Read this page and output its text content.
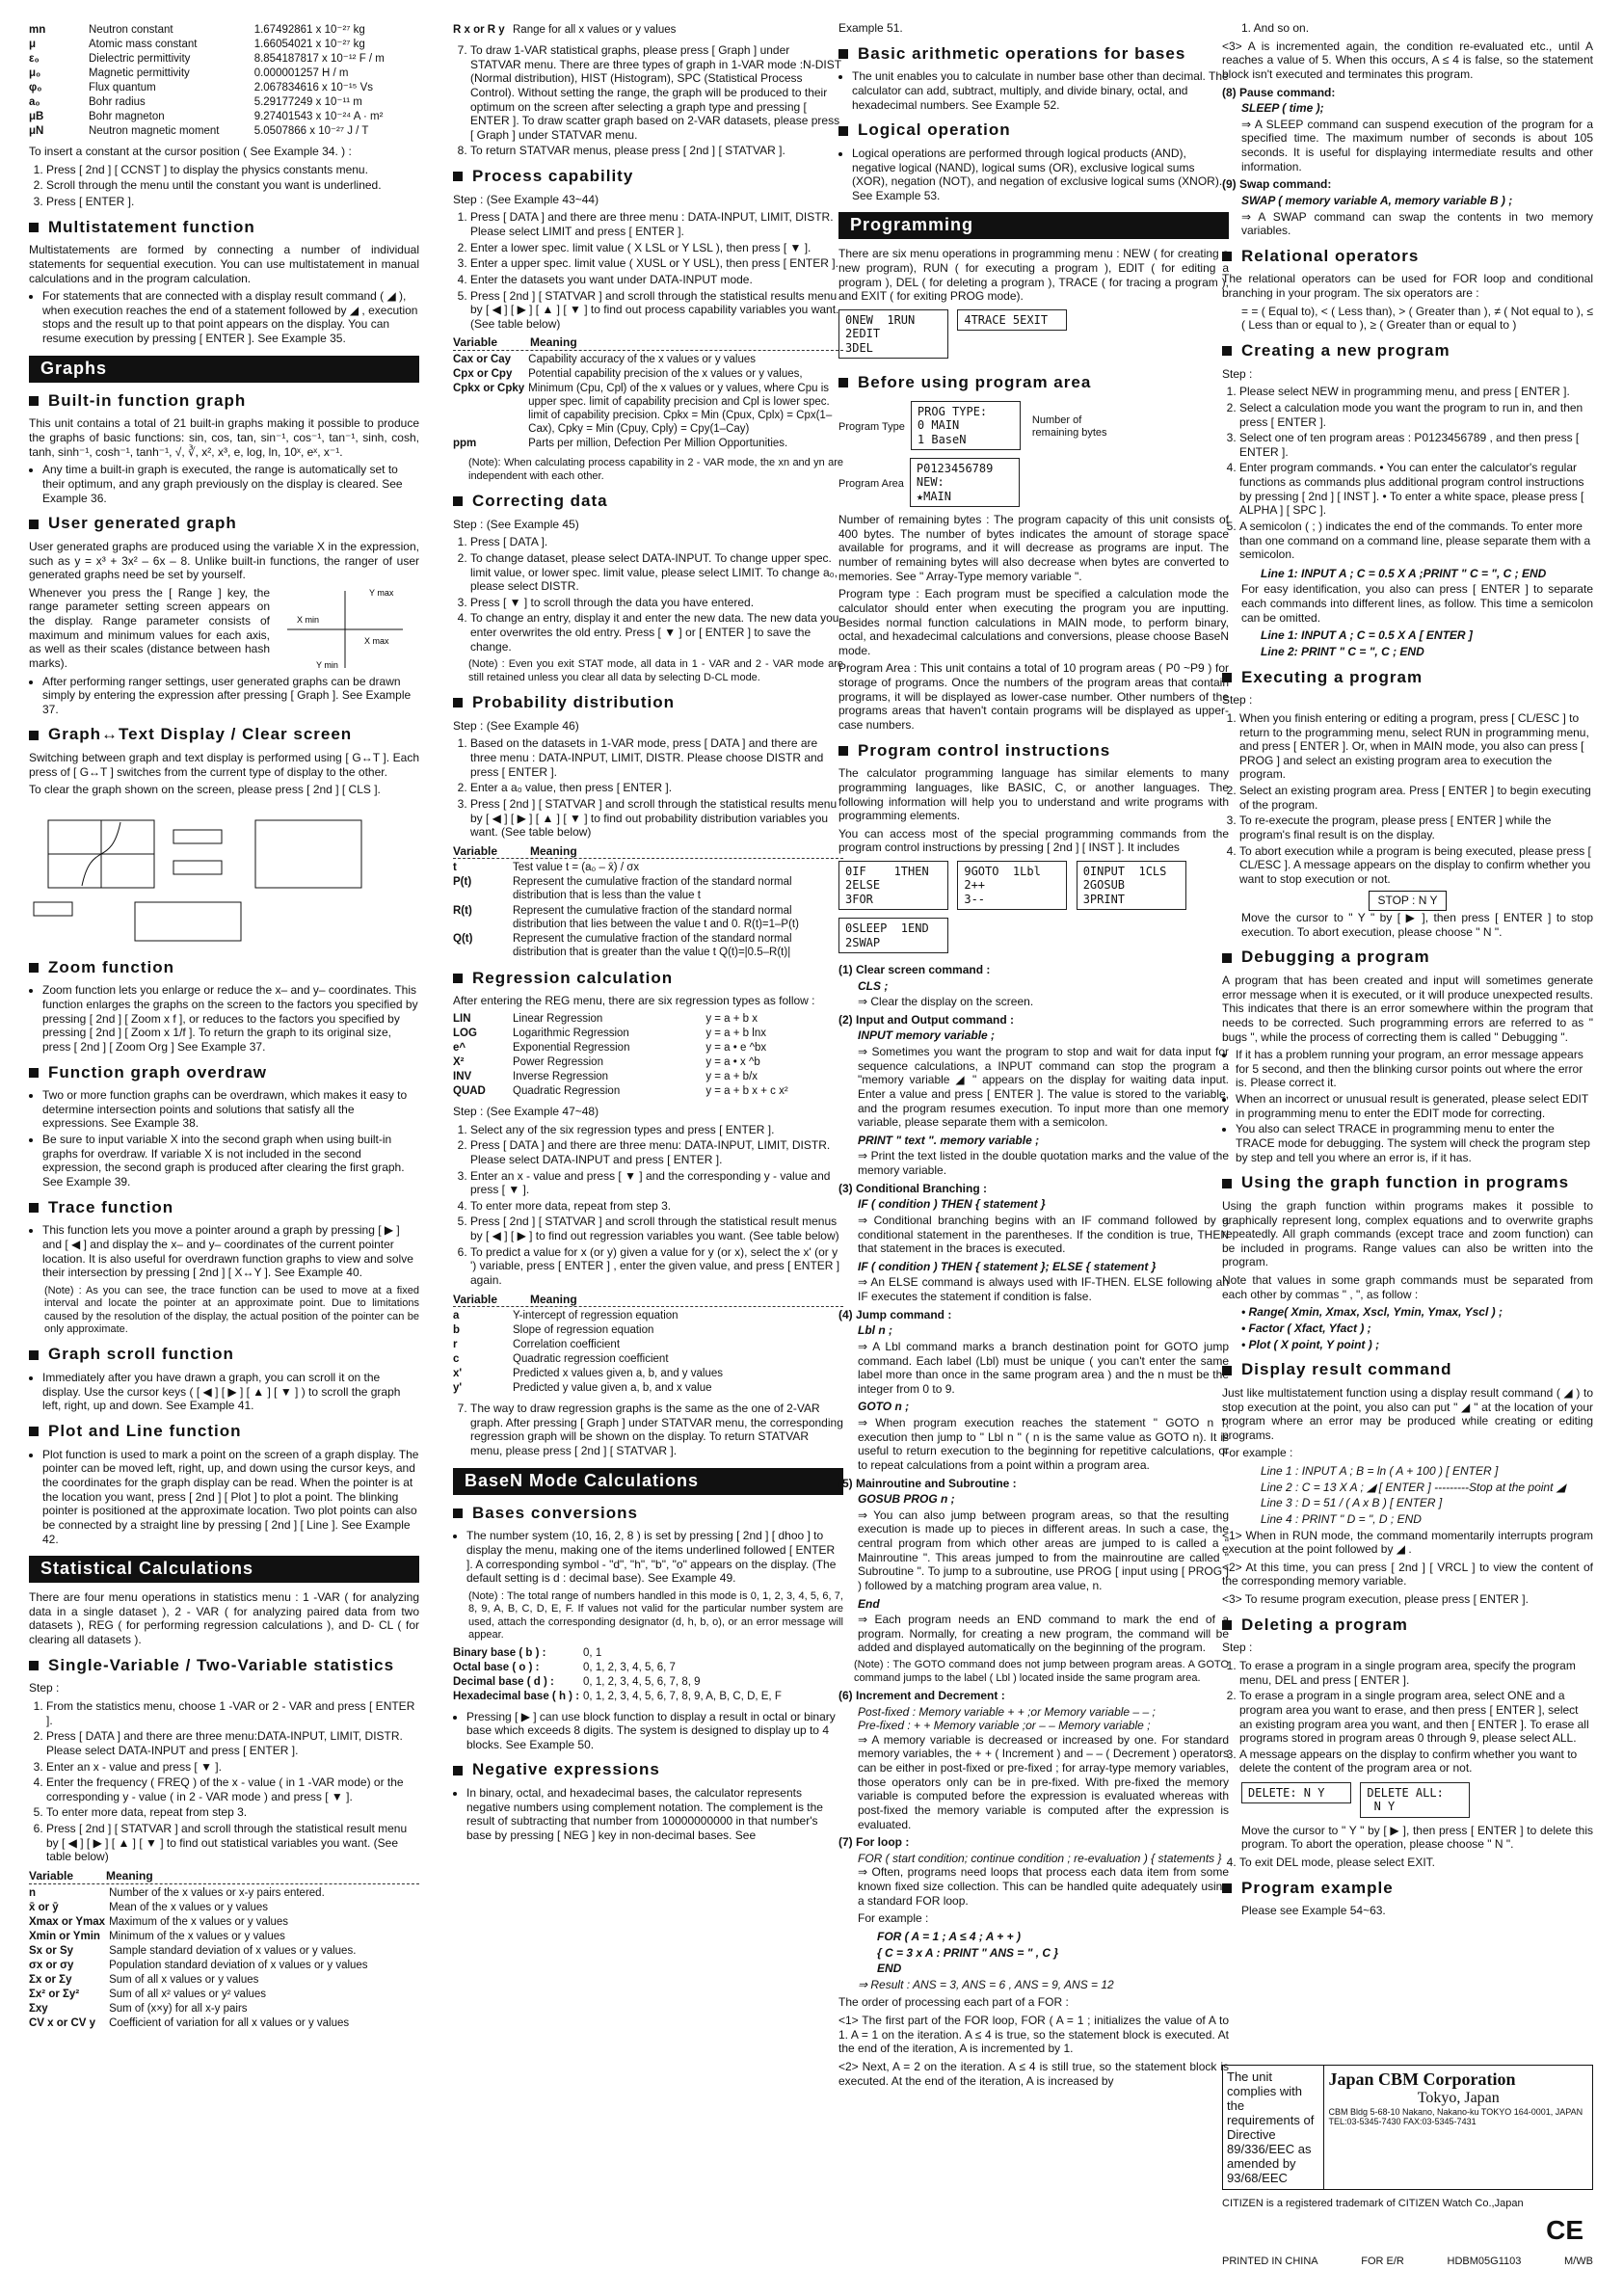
mn	Neutron constant	1.67492861 x 10⁻²⁷ kg
μ	Atomic mass constant	1.66054021 x 10⁻²⁷ kg
ε₀	Dielectric permittivity	8.854187817 x 10⁻¹² F / m
μ₀	Magnetic permittivity	0.000001257 H / m
φ₀	Flux quantum	2.067834616 x 10⁻¹⁵ Vs
a₀	Bohr radius	5.29177249 x 10⁻¹¹ m
μB	Bohr magneton	9.27401543 x 10⁻²⁴ A · m²
μN	Neutron magnetic moment	5.0507866 x 10⁻²⁷ J / T

To insert a constant at the cursor position ( See Example 34. ) :

1. Press [ 2nd ] [ CCNST ] to display the physics constants menu.
2. Scroll through the menu until the constant you want is underlined.
3. Press [ ENTER ].
Multistatement function

Multistatements are formed by connecting a number of individual statements for sequential execution. You can use multistatement in manual calculations and in the program calculation.

• For statements that are connected with a display result command ( ◢ ), when execution reaches the end of a statement followed by ◢ , execution stops and the result up to that point appears on the display. You can resume execution by pressing [ ENTER ]. See Example 35.
Graphs
Built-in function graph

This unit contains a total of 21 built-in graphs making it possible to produce the graphs of basic functions: sin, cos, tan, sin⁻¹, cos⁻¹, tan⁻¹, sinh, cosh, tanh, sinh⁻¹, cosh⁻¹, tanh⁻¹, √, ∛, x², x³, e, log, ln, 10ˣ, eˣ, x⁻¹.

• Any time a built-in graph is executed, the range is automatically set to their optimum, and any graph previously on the display is cleared. See Example 36.
User generated graph

User generated graphs are produced using the variable X in the expression, such as y = x³ + 3x² – 6x – 8. Unlike built-in functions, the ranger of user generated graphs need be set by yourself.

Whenever you press the [ Range ] key, the range parameter setting screen appears on the display. Range parameter consists of maximum and minimum values for each axis, as well as their scales (distance between hash marks).

Y max
X min
X max
Y min
• After performing ranger settings, user generated graphs can be drawn simply by entering the expression after pressing [ Graph ]. See Example 37.
Graph↔Text Display / Clear screen

Switching between graph and text display is performed using [ G↔T ]. Each press of [ G↔T ] switches from the current type of display to the other.

To clear the graph shown on the screen, please press [ 2nd ] [ CLS ].

Zoom function
• Zoom function lets you enlarge or reduce the x– and y– coordinates. This function enlarges the graphs on the screen to the factors you specified by pressing [ 2nd ] [ Zoom x f ], or reduces to the factors you specified by pressing [ 2nd ] [ Zoom x 1/f ]. To return the graph to its original size, press [ 2nd ] [ Zoom Org ] See Example 37.
Function graph overdraw
• Two or more function graphs can be overdrawn, which makes it easy to determine intersection points and solutions that satisfy all the expressions. See Example 38.
• Be sure to input variable X into the second graph when using built-in graphs for overdraw. If variable X is not included in the second expression, the second graph is produced after clearing the first graph. See Example 39.
Trace function
• This function lets you move a pointer around a graph by pressing [ ▶ ] and [ ◀ ] and display the x– and y– coordinates of the current pointer location. It is also useful for overdrawn function graphs to view and solve their intersection by pressing [ 2nd ] [ X↔Y ]. See Example 40.

(Note) : As you can see, the trace function can be used to move at a fixed interval and locate the pointer at an approximate point. Due to limitations caused by the resolution of the display, the actual position of the pointer can be only approximate.

Graph scroll function
• Immediately after you have drawn a graph, you can scroll it on the display. Use the cursor keys ( [ ◀ ] [ ▶ ] [ ▲ ] [ ▼ ] ) to scroll the graph left, right, up and down. See Example 41.
Plot and Line function
• Plot function is used to mark a point on the screen of a graph display. The pointer can be moved left, right, up, and down using the cursor keys, and the coordinates for the graph display can be read. When the pointer is at the location you want, press [ 2nd ] [ Plot ] to plot a point. The blinking pointer is positioned at the approximate location. Two plot points can also be connected by a straight line by pressing [ 2nd ] [ Line ]. See Example 42.
Statistical Calculations

There are four menu operations in statistics menu : 1 -VAR ( for analyzing data in a single dataset ), 2 - VAR ( for analyzing paired data from two datasets ), REG ( for performing regression calculations ), and D- CL ( for clearing all datasets ).

Single-Variable / Two-Variable statistics

Step :

1. From the statistics menu, choose 1 -VAR or 2 - VAR and press [ ENTER ].
2. Press [ DATA ] and there are three menu:DATA-INPUT, LIMIT, DISTR. Please select DATA-INPUT and press [ ENTER ].
3. Enter an x - value and press [ ▼ ].
4. Enter the frequency ( FREQ ) of the x - value ( in 1 -VAR mode) or the corresponding y - value ( in 2 - VAR mode ) and press [ ▼ ].
5. To enter more data, repeat from step 3.
6. Press [ 2nd ] [ STATVAR ] and scroll through the statistical result menu by [ ◀ ] [ ▶ ] [ ▲ ] [ ▼ ] to find out statistical variables you want. (See table below)
Variable	Meaning
n	Number of the x values or x-y pairs entered.
x̄ or ȳ	Mean of the x values or y values
Xmax or Ymax	Maximum of the x values or y values
Xmin or Ymin	Minimum of the x values or y values
Sx or Sy	Sample standard deviation of x values or y values.
σx or σy	Population standard deviation of x values or y values
Σx or Σy	Sum of all x values or y values
Σx² or Σy²	Sum of all x² values or y² values
Σxy	Sum of (x×y) for all x-y pairs
CV x or CV y	Coefficient of variation for all x values or y values
R x or R y	Range for all x values or y values
7. To draw 1-VAR statistical graphs, please press [ Graph ] under STATVAR menu. There are three types of graph in 1-VAR mode :N-DIST (Normal distribution), HIST (Histogram), SPC (Statistical Process Control). Without setting the range, the graph will be produced to their optimum on the screen after selecting a graph type and pressing [ ENTER ]. To draw scatter graph based on 2-VAR datasets, please press [ Graph ] under STATVAR menu.
8. To return STATVAR menus, please press [ 2nd ] [ STATVAR ].
Process capability

Step : (See Example 43~44)

1. Press [ DATA ] and there are three menu : DATA-INPUT, LIMIT, DISTR. Please select LIMIT and press [ ENTER ].
2. Enter a lower spec. limit value ( X LSL or Y LSL ), then press [ ▼ ].
3. Enter a upper spec. limit value ( XUSL or Y USL), then press [ ENTER ].
4. Enter the datasets you want under DATA-INPUT mode.
5. Press [ 2nd ] [ STATVAR ] and scroll through the statistical results menu by [ ◀ ] [ ▶ ] [ ▲ ] [ ▼ ] to find out process capability variables you want. (See table below)
Variable	Meaning
Cax or Cay	Capability accuracy of the x values or y values
Cpx or Cpy	Potential capability precision of the x values or y values,
Cpkx or Cpky	Minimum (Cpu, Cpl) of the x values or y values, where Cpu is upper spec. limit of capability precision and Cpl is lower spec. limit of capability precision. Cpkx = Min (Cpux, Cplx) = Cpx(1–Cax), Cpky = Min (Cpuy, Cply) = Cpy(1–Cay)
ppm	Parts per million, Defection Per Million Opportunities.

(Note): When calculating process capability in 2 - VAR mode, the xn and yn are independent with each other.

Correcting data

Step : (See Example 45)

1. Press [ DATA ].
2. To change dataset, please select DATA-INPUT. To change upper spec. limit value, or lower spec. limit value, please select LIMIT. To change a₀, please select DISTR.
3. Press [ ▼ ] to scroll through the data you have entered.
4. To change an entry, display it and enter the new data. The new data you enter overwrites the old entry. Press [ ▼ ] or [ ENTER ] to save the change.

(Note) : Even you exit STAT mode, all data in 1 - VAR and 2 - VAR mode are still retained unless you clear all data by selecting D-CL mode.

Probability distribution

Step : (See Example 46)

1. Based on the datasets in 1-VAR mode, press [ DATA ] and there are three menu : DATA-INPUT, LIMIT, DISTR. Please choose DISTR and press [ ENTER ].
2. Enter a a₀ value, then press [ ENTER ].
3. Press [ 2nd ] [ STATVAR ] and scroll through the statistical results menu by [ ◀ ] [ ▶ ] [ ▲ ] [ ▼ ] to find out probability distribution variables you want. (See table below)
Variable	Meaning
t	Test value t = (a₀ – x̄) / σx
P(t)	Represent the cumulative fraction of the standard normal distribution that is less than the value t
R(t)	Represent the cumulative fraction of the standard normal distribution that lies between the value t and 0. R(t)=1–P(t)
Q(t)	Represent the cumulative fraction of the standard normal distribution that is greater than the value t Q(t)=|0.5–R(t)|
Regression calculation

After entering the REG menu, there are six regression types as follow :

LIN	Linear Regression	y = a + b x
LOG	Logarithmic Regression	y = a + b lnx
e^	Exponential Regression	y = a • e ^bx
X²	Power Regression	y = a • x ^b
INV	Inverse Regression	y = a + b/x
QUAD	Quadratic Regression	y = a + b x + c x²

Step : (See Example 47~48)

1. Select any of the six regression types and press [ ENTER ].
2. Press [ DATA ] and there are three menu: DATA-INPUT, LIMIT, DISTR. Please select DATA-INPUT and press [ ENTER ].
3. Enter an x - value and press [ ▼ ] and the corresponding y - value and press [ ▼ ].
4. To enter more data, repeat from step 3.
5. Press [ 2nd ] [ STATVAR ] and scroll through the statistical result menus by [ ◀ ] [ ▶ ] to find out regression variables you want. (See table below)
6. To predict a value for x (or y) given a value for y (or x), select the x' (or y ') variable, press [ ENTER ] , enter the given value, and press [ ENTER ] again.
Variable	Meaning
a	Y-intercept of regression equation
b	Slope of regression equation
r	Correlation coefficient
c	Quadratic regression coefficient
x'	Predicted x values given a, b, and y values
y'	Predicted y value given a, b, and x value
7. The way to draw regression graphs is the same as the one of 2-VAR graph. After pressing [ Graph ] under STATVAR menu, the corresponding regression graph will be shown on the display. To return STATVAR menu, please press [ 2nd ] [ STATVAR ].
BaseN Mode Calculations
Bases conversions
• The number system (10, 16, 2, 8 ) is set by pressing [ 2nd ] [ dhoo ] to display the menu, making one of the items underlined followed [ ENTER ]. A corresponding symbol - "d", "h", "b", "o" appears on the display. (The default setting is d : decimal base). See Example 49.

(Note) : The total range of numbers handled in this mode is 0, 1, 2, 3, 4, 5, 6, 7, 8, 9, A, B, C, D, E, F. If values not valid for the particular number system are used, attach the corresponding designator (d, h, b, o), or an error message will appear.

Binary base ( b ) :	0, 1
Octal base ( o ) :	0, 1, 2, 3, 4, 5, 6, 7
Decimal base ( d ) :	0, 1, 2, 3, 4, 5, 6, 7, 8, 9
Hexadecimal base ( h ) :	0, 1, 2, 3, 4, 5, 6, 7, 8, 9, A, B, C, D, E, F
• Pressing [ ▶ ] can use block function to display a result in octal or binary base which exceeds 8 digits. The system is designed to display up to 4 blocks. See Example 50.
Negative expressions
• In binary, octal, and hexadecimal bases, the calculator represents negative numbers using complement notation. The complement is the result of subtracting that number from 10000000000 in that number's base by pressing [ NEG ] key in non-decimal bases. See

Example 51.

Basic arithmetic operations for bases
• The unit enables you to calculate in number base other than decimal. The calculator can add, subtract, multiply, and divide binary, octal, and hexadecimal numbers. See Example 52.
Logical operation
• Logical operations are performed through logical products (AND), negative logical (NAND), logical sums (OR), exclusive logical sums (XOR), negation (NOT), and negation of exclusive logical sums (XNOR). See Example 53.
Programming

There are six menu operations in programming menu : NEW ( for creating a new program), RUN ( for executing a program ), EDIT ( for editing a program ), DEL ( for deleting a program ), TRACE ( for tracing a program ), and EXIT ( for exiting PROG mode).

0NEW  1RUN
2EDIT
3DEL 4TRACE 5EXIT
Before using program area
Program Type
PROG TYPE:
0 MAIN
1 BaseN
Number of remaining bytes
Program Area
P0123456789
NEW:
★MAIN

Number of remaining bytes : The program capacity of this unit consists of 400 bytes. The number of bytes indicates the amount of storage space available for programs, and it will decrease as programs are input. The number of remaining bytes will also decrease when bytes are converted to memories. See " Array-Type memory variable ".

Program type : Each program must be specified a calculation mode the calculator should enter when executing the program you are inputting. Besides normal function calculations in MAIN mode, to perform binary, octal, and hexadecimal calculations and conversions, please choose BaseN mode.

Program Area : This unit contains a total of 10 program areas ( P0 ~P9 ) for storage of programs. Once the numbers of the program areas that contain programs, it will be displayed as lower-case number. Other numbers of the programs areas that haven't contain programs will be displayed as upper-case numbers.

Program control instructions

The calculator programming language has similar elements to many programming languages, like BASIC, C, or another languages. The following information will help you to understand and write programs with programming elements.

You can access most of the special programming commands from the program control instructions by pressing [ 2nd ] [ INST ]. It includes

0IF    1THEN
2ELSE
3FOR 9GOTO  1Lbl
2++
3-- 0INPUT  1CLS
2GOSUB
3PRINT 0SLEEP  1END
2SWAP
(1) Clear screen command :
CLS ;

⇒ Clear the display on the screen.

(2) Input and Output command :
INPUT memory variable ;

⇒ Sometimes you want the program to stop and wait for data input for sequence calculations, a INPUT command can stop the program a "memory variable ◢ " appears on the display for waiting data input. Enter a value and press [ ENTER ]. The value is stored to the variable, and the program resumes execution. To input more than one memory variable, please separate them with a semicolon.

PRINT " text ". memory variable ;

⇒ Print the text listed in the double quotation marks and the value of the memory variable.

(3) Conditional Branching :
IF ( condition ) THEN { statement }

⇒ Conditional branching begins with an IF command followed by a conditional statement in the parentheses. If the condition is true, THEN that statement in the braces is executed.

IF ( condition ) THEN { statement }; ELSE { statement }

⇒ An ELSE command is always used with IF-THEN. ELSE following an IF executes the statement if condition is false.

(4) Jump command :
Lbl n ;

⇒ A Lbl command marks a branch destination point for GOTO jump command. Each label (Lbl) must be unique ( you can't enter the same label more than once in the same program area ) and the n must be the integer from 0 to 9.

GOTO n ;

⇒ When program execution reaches the statement " GOTO n ", execution then jump to " Lbl n " ( n is the same value as GOTO n). It is useful to return execution to the beginning for repetitive calculations, or to repeat calculations from a point within a program area.

(5) Mainroutine and Subroutine :
GOSUB PROG n ;

⇒ You can also jump between program areas, so that the resulting execution is made up to pieces in different areas. In such a case, the central program from which other areas are jumped to is called a " Mainroutine ". This areas jumped to from the mainroutine are called " Subroutine ". To jump to a subroutine, use PROG [ input using [ PROG ] ) followed by a matching program area value, n.

End

⇒ Each program needs an END command to mark the end of a program. Normally, for creating a new program, the command will be added and displayed automatically on the beginning of the program.

(Note) : The GOTO command does not jump between program areas. A GOTO command jumps to the label ( Lbl ) located inside the same program area.

(6) Increment and Decrement :
Post-fixed : Memory variable + + ;or Memory variable – – ;
Pre-fixed : + + Memory variable ;or – – Memory variable ;

⇒ A memory variable is decreased or increased by one. For standard memory variables, the + + ( Increment ) and – – ( Decrement ) operators can be either in post-fixed or pre-fixed ; for array-type memory variables, those operators only can be in pre-fixed. With pre-fixed the memory variable is computed before the expression is evaluated whereas with post-fixed the memory variable is computed after the expression is evaluated.

(7) For loop :
FOR ( start condition; continue condition ; re-evaluation ) { statements }

⇒ Often, programs need loops that process each data item from some known fixed size collection. This can be handled quite adequately using a standard FOR loop.

For example :

FOR ( A = 1 ; A ≤ 4 ; A + + )
{ C = 3 x A : PRINT " ANS = " , C }
END

⇒ Result : ANS = 3, ANS = 6 , ANS = 9, ANS = 12

The order of processing each part of a FOR :

<1> The first part of the FOR loop, FOR ( A = 1 ; initializes the value of A to 1. A = 1 on the iteration. A ≤ 4 is true, so the statement block is executed. At the end of the iteration, A is incremented by 1.

<2> Next, A = 2 on the iteration. A ≤ 4 is still true, so the statement block is executed. At the end of the iteration, A is increased by

1. And so on.

<3> A is incremented again, the condition re-evaluated etc., until A reaches a value of 5. When this occurs, A ≤ 4 is false, so the statement block isn't executed and terminates this program.

(8) Pause command:
SLEEP ( time );

⇒ A SLEEP command can suspend execution of the program for a specified time. The maximum number of seconds is about 105 seconds. It is useful for displaying intermediate results and other information.

(9) Swap command:
SWAP ( memory variable A, memory variable B ) ;

⇒ A SWAP command can swap the contents in two memory variables.

Relational operators

The relational operators can be used for FOR loop and conditional branching in your program. The six operators are :

= = ( Equal to), < ( Less than), > ( Greater than ), ≠ ( Not equal to ), ≤ ( Less than or equal to ), ≥ ( Greater than or equal to )

Creating a new program

Step :

1. Please select NEW in programming menu, and press [ ENTER ].
2. Select a calculation mode you want the program to run in, and then press [ ENTER ].
3. Select one of ten program areas : P0123456789 , and then press [ ENTER ].
4. Enter program commands. • You can enter the calculator's regular functions as commands plus additional program control instructions by pressing [ 2nd ] [ INST ]. • To enter a white space, please press [ ALPHA ] [ SPC ].
5. A semicolon ( ; ) indicates the end of the commands. To enter more than one command on a command line, please separate them with a semicolon.
Line 1: INPUT A ; C = 0.5 X A ;PRINT " C = ", C ; END

For easy identification, you also can press [ ENTER ] to separate each commands into different lines, as follow. This time a semicolon can be omitted.

Line 1: INPUT A ; C = 0.5 X A [ ENTER ]
Line 2: PRINT " C = ", C ; END
Executing a program

Step :

1. When you finish entering or editing a program, press [ CL/ESC ] to return to the programming menu, select RUN in programming menu, and press [ ENTER ]. Or, when in MAIN mode, you also can press [ PROG ] and select an existing program area to execution the program.
2. Select an existing program area. Press [ ENTER ] to begin executing of the program.
3. To re-execute the program, please press [ ENTER ] while the program's final result is on the display.
4. To abort execution while a program is being executed, please press [ CL/ESC ]. A message appears on the display to confirm whether you want to stop execution or not.
STOP : N Y

Move the cursor to " Y " by [ ▶ ], then press [ ENTER ] to stop execution. To abort execution, please choose " N ".

Debugging a program

A program that has been created and input will sometimes generate error message when it is executed, or it will produce unexpected results. This indicates that there is an error somewhere within the program that needs to be corrected. Such programming errors are referred to as " bugs ", while the process of correcting them is called " Debugging ".

• If it has a problem running your program, an error message appears for 5 second, and then the blinking cursor points out where the error is. Please correct it.
• When an incorrect or unusual result is generated, please select EDIT in programming menu to enter the EDIT mode for correcting.
• You also can select TRACE in programming menu to enter the TRACE mode for debugging. The system will check the program step by step and tell you where an error is, if it has.
Using the graph function in programs

Using the graph function within programs makes it possible to graphically represent long, complex equations and to overwrite graphs repeatedly. All graph commands (except trace and zoom function) can be included in programs. Range values can also be written into the program.

Note that values in some graph commands must be separated from each other by commas " , ", as follow :

• Range( Xmin, Xmax, Xscl, Ymin, Ymax, Yscl ) ;
• Factor ( Xfact, Yfact ) ;
• Plot ( X point, Y point ) ;
Display result command

Just like multistatement function using a display result command ( ◢ ) to stop execution at the point, you also can put " ◢ " at the location of your program where an error may be produced while creating or editing programs.

For example :

Line 1 : INPUT A ; B = ln ( A + 100 ) [ ENTER ]
Line 2 : C = 13 X A ; ◢ [ ENTER ] ---------Stop at the point ◢
Line 3 : D = 51 / ( A x B ) [ ENTER ]
Line 4 : PRINT " D = ", D ; END

<1> When in RUN mode, the command momentarily interrupts program execution at the point followed by ◢ .

<2> At this time, you can press [ 2nd ] [ VRCL ] to view the content of the corresponding memory variable.

<3> To resume program execution, please press [ ENTER ].

Deleting a program

Step :

1. To erase a program in a single program area, specify the program menu, DEL and press [ ENTER ].
2. To erase a program in a single program area, select ONE and a program area you want to erase, and then press [ ENTER ], select an existing program area you want, and then [ ENTER ]. To erase all programs stored in program areas 0 through 9, please select ALL.
3. A message appears on the display to confirm whether you want to delete the content of the program area or not.
DELETE: N Y	DELETE ALL:
N Y

Move the cursor to " Y " by [ ▶ ], then press [ ENTER ] to delete this program. To abort the operation, please choose " N ".

4. To exit DEL mode, please select EXIT.
Program example

Please see Example 54~63.

The unit complies with the requirements of Directive 89/336/EEC as amended by 93/68/EEC
Japan CBM Corporation
Tokyo, Japan
CBM Bldg 5-68-10 Nakano, Nakano-ku TOKYO 164-0001, JAPAN TEL:03-5345-7430 FAX:03-5345-7431
CITIZEN is a registered trademark of CITIZEN Watch Co.,Japan
CE
PRINTED IN CHINA	FOR E/R	HDBM05G1103	M/WB
